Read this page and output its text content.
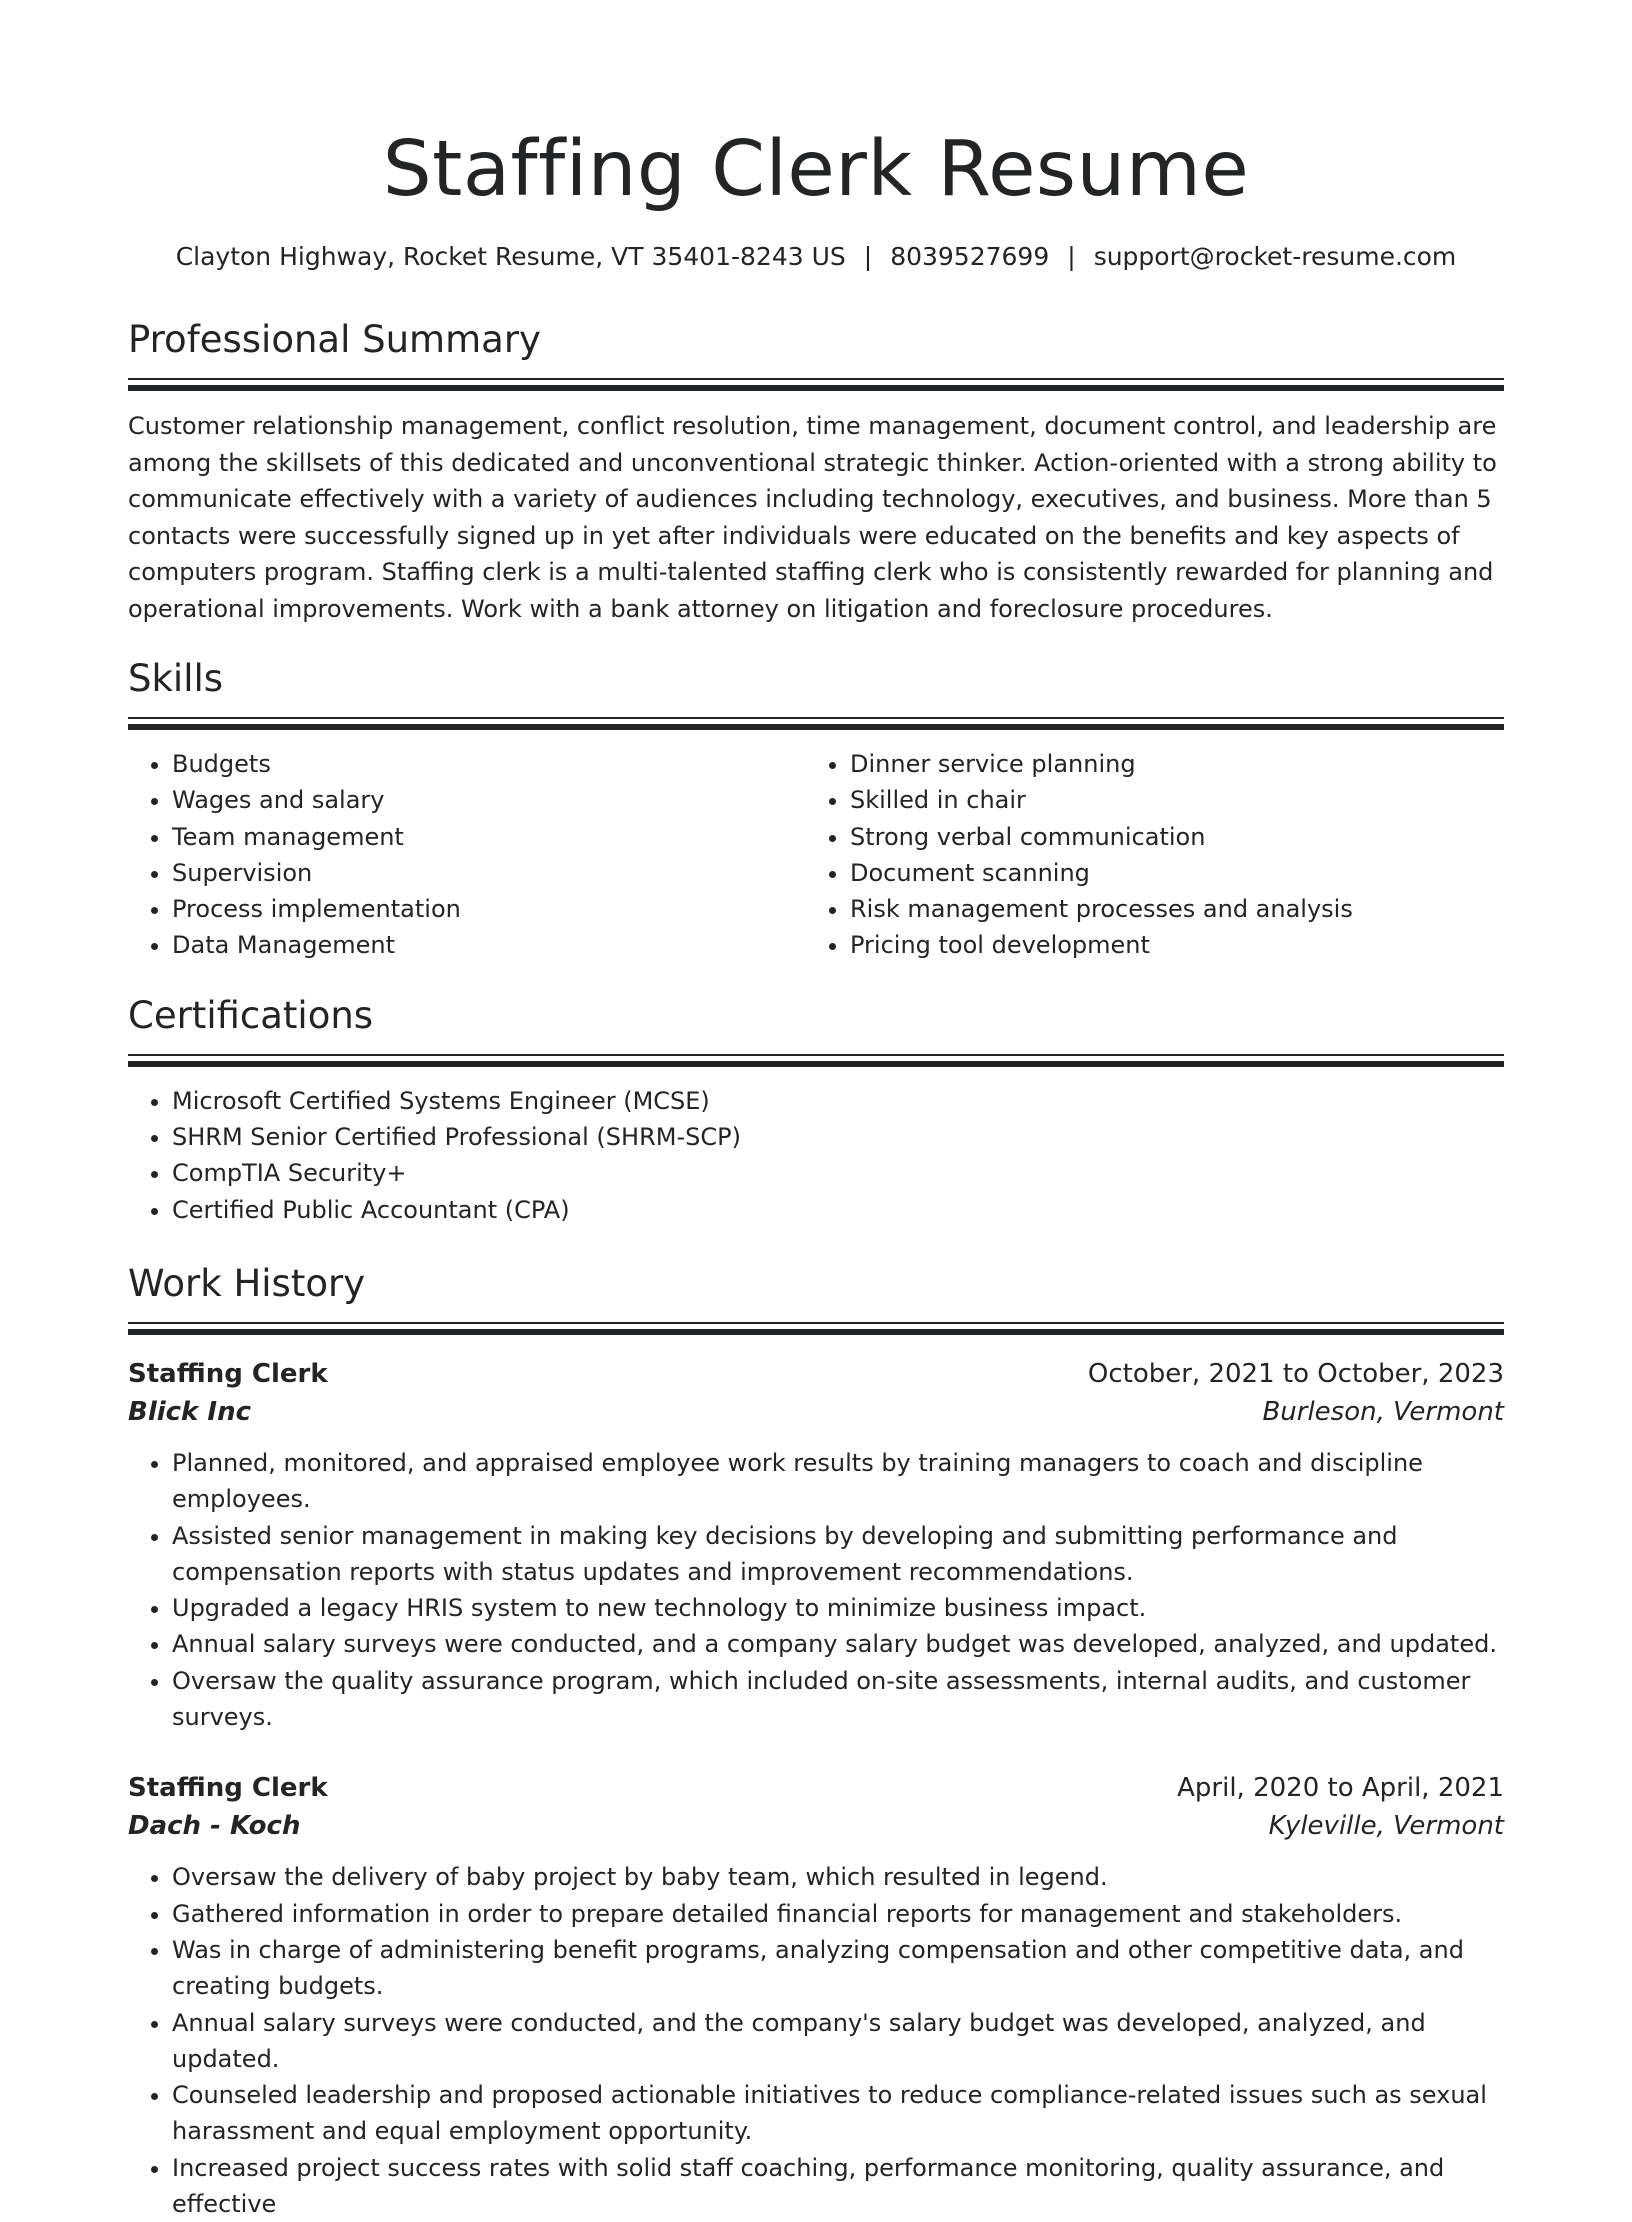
Staffing Clerk Resume
Clayton Highway, Rocket Resume, VT 35401-8243 US | 8039527699 | support@rocket-resume.com
Professional Summary
Customer relationship management, conflict resolution, time management, document control, and leadership are among the skillsets of this dedicated and unconventional strategic thinker. Action-oriented with a strong ability to communicate effectively with a variety of audiences including technology, executives, and business. More than 5 contacts were successfully signed up in yet after individuals were educated on the benefits and key aspects of computers program. Staffing clerk is a multi-talented staffing clerk who is consistently rewarded for planning and operational improvements. Work with a bank attorney on litigation and foreclosure procedures.
Skills
• Budgets
• Wages and salary
• Team management
• Supervision
• Process implementation
• Data Management
• Dinner service planning
• Skilled in chair
• Strong verbal communication
• Document scanning
• Risk management processes and analysis
• Pricing tool development
Certifications
• Microsoft Certified Systems Engineer (MCSE)
• SHRM Senior Certified Professional (SHRM-SCP)
• CompTIA Security+
• Certified Public Accountant (CPA)
Work History
Staffing Clerk	October, 2021 to October, 2023
Blick Inc	Burleson, Vermont
• Planned, monitored, and appraised employee work results by training managers to coach and discipline employees.
• Assisted senior management in making key decisions by developing and submitting performance and compensation reports with status updates and improvement recommendations.
• Upgraded a legacy HRIS system to new technology to minimize business impact.
• Annual salary surveys were conducted, and a company salary budget was developed, analyzed, and updated.
• Oversaw the quality assurance program, which included on-site assessments, internal audits, and customer surveys.
Staffing Clerk	April, 2020 to April, 2021
Dach - Koch	Kyleville, Vermont
• Oversaw the delivery of baby project by baby team, which resulted in legend.
• Gathered information in order to prepare detailed financial reports for management and stakeholders.
• Was in charge of administering benefit programs, analyzing compensation and other competitive data, and creating budgets.
• Annual salary surveys were conducted, and the company's salary budget was developed, analyzed, and updated.
• Counseled leadership and proposed actionable initiatives to reduce compliance-related issues such as sexual harassment and equal employment opportunity.
• Increased project success rates with solid staff coaching, performance monitoring, quality assurance, and effective
